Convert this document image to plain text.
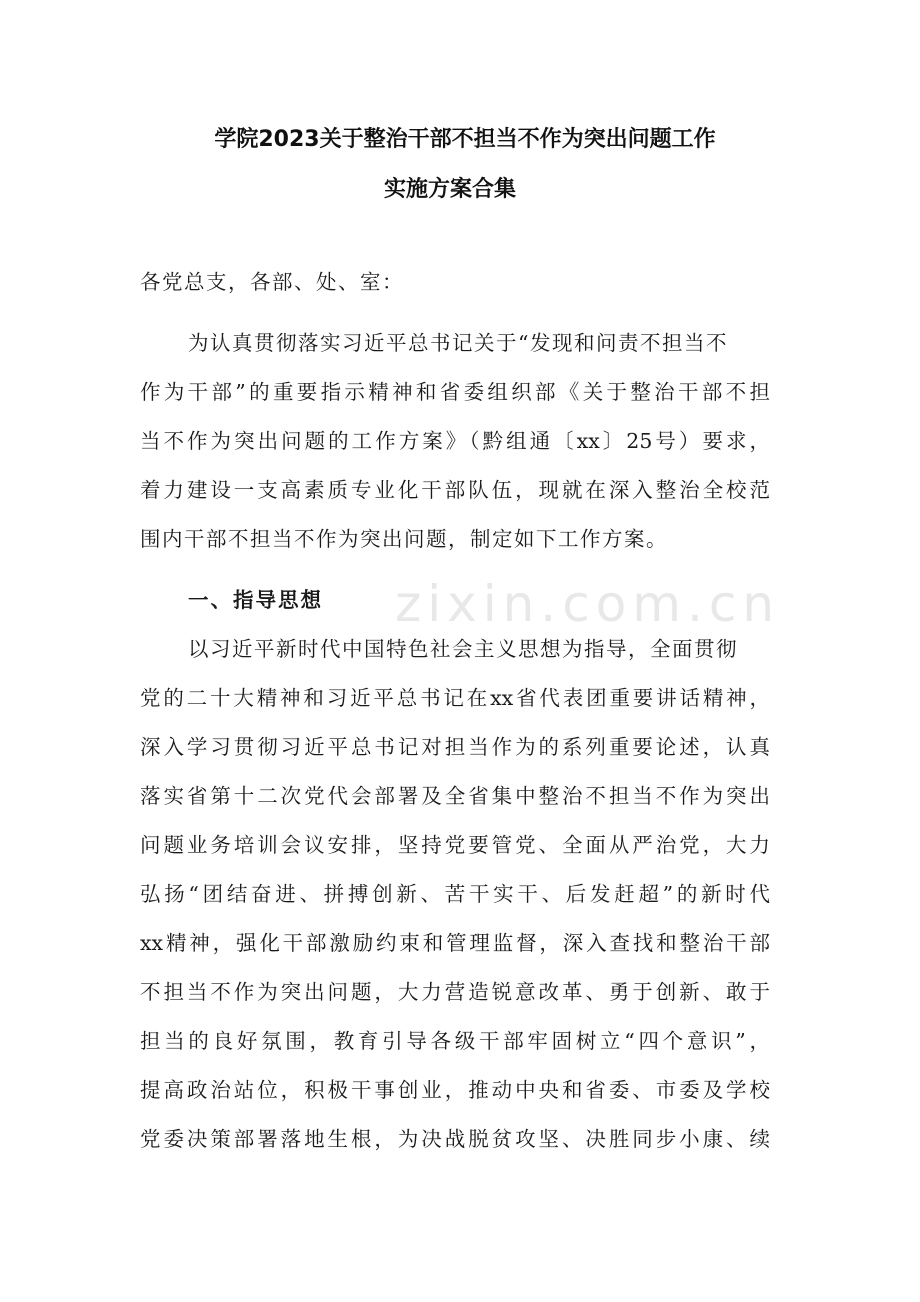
zixin.com.cn
学院2023关于整治干部不担当不作为突出问题工作
实施方案合集
各党总支，各部、处、室：
为认真贯彻落实习近平总书记关于“发现和问责不担当不
作为干部”的重要指示精神和省委组织部《关于整治干部不担
当不作为突出问题的工作方案》（黔组通〔xx〕25号）要求，
着力建设一支高素质专业化干部队伍，现就在深入整治全校范
围内干部不担当不作为突出问题，制定如下工作方案。
一、指导思想
以习近平新时代中国特色社会主义思想为指导，全面贯彻
党的二十大精神和习近平总书记在xx省代表团重要讲话精神，
深入学习贯彻习近平总书记对担当作为的系列重要论述，认真
落实省第十二次党代会部署及全省集中整治不担当不作为突出
问题业务培训会议安排，坚持党要管党、全面从严治党，大力
弘扬“团结奋进、拼搏创新、苦干实干、后发赶超”的新时代
xx精神，强化干部激励约束和管理监督，深入查找和整治干部
不担当不作为突出问题，大力营造锐意改革、勇于创新、敢于
担当的良好氛围，教育引导各级干部牢固树立“四个意识”，
提高政治站位，积极干事创业，推动中央和省委、市委及学校
党委决策部署落地生根，为决战脱贫攻坚、决胜同步小康、续
